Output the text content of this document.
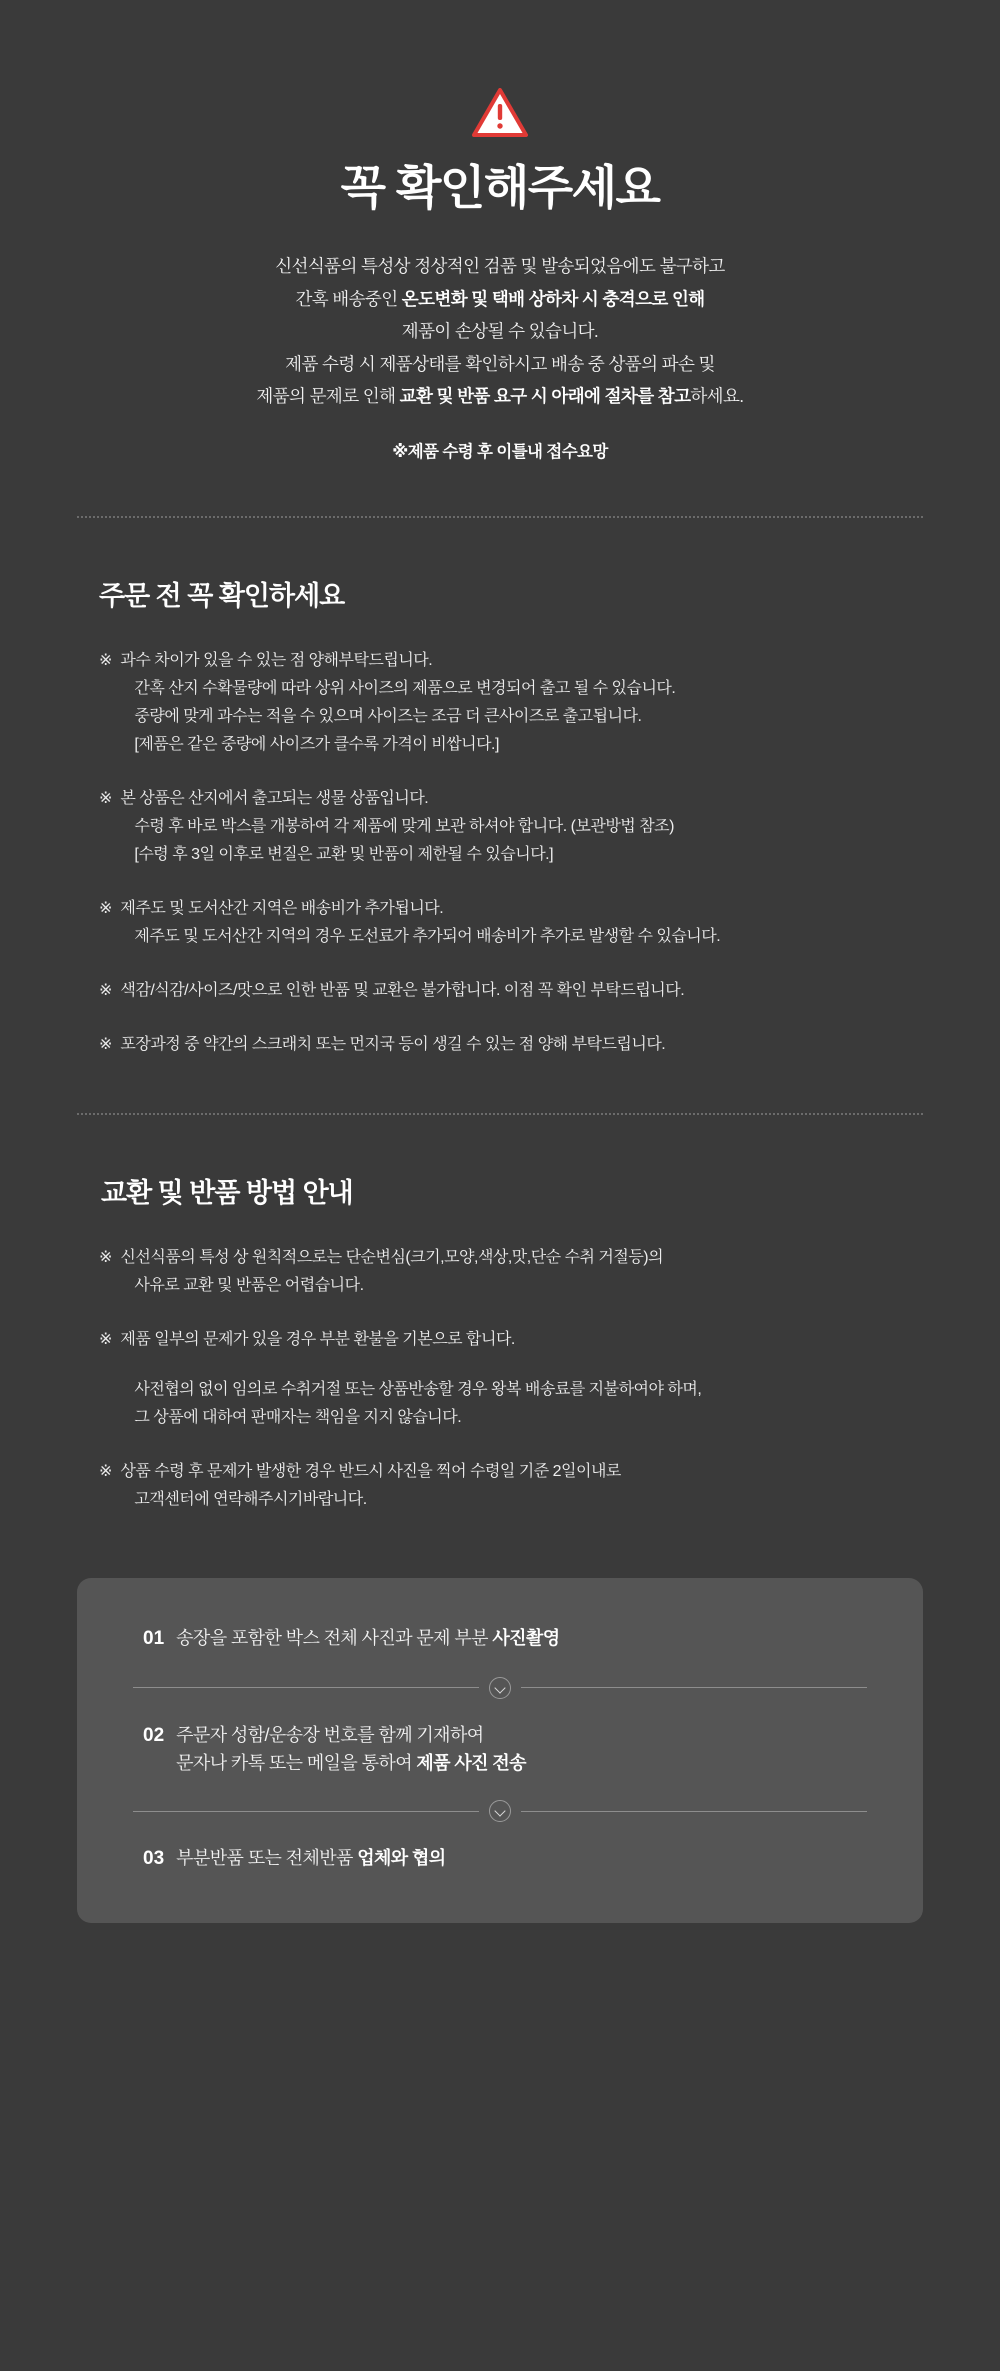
꼭 확인해주세요
신선식품의 특성상 정상적인 검품 및 발송되었음에도 불구하고
간혹 배송중인 온도변화 및 택배 상하차 시 충격으로 인해
제품이 손상될 수 있습니다.
제품 수령 시 제품상태를 확인하시고 배송 중 상품의 파손 및
제품의 문제로 인해 교환 및 반품 요구 시 아래에 절차를 참고하세요.
※제품 수령 후 이틀내 접수요망
주문 전 꼭 확인하세요
※ 과수 차이가 있을 수 있는 점 양해부탁드립니다.
간혹 산지 수확물량에 따라 상위 사이즈의 제품으로 변경되어 출고 될 수 있습니다.
중량에 맞게 과수는 적을 수 있으며 사이즈는 조금 더 큰사이즈로 출고됩니다.
[제품은 같은 중량에 사이즈가 클수록 가격이 비쌉니다.]
※ 본 상품은 산지에서 출고되는 생물 상품입니다.
수령 후 바로 박스를 개봉하여 각 제품에 맞게 보관 하셔야 합니다. (보관방법 참조)
[수령 후 3일 이후로 변질은 교환 및 반품이 제한될 수 있습니다.]
※ 제주도 및 도서산간 지역은 배송비가 추가됩니다.
제주도 및 도서산간 지역의 경우 도선료가 추가되어 배송비가 추가로 발생할 수 있습니다.
※ 색감/식감/사이즈/맛으로 인한 반품 및 교환은 불가합니다. 이점 꼭 확인 부탁드립니다.
※ 포장과정 중 약간의 스크래치 또는 먼지국 등이 생길 수 있는 점 양해 부탁드립니다.
교환 및 반품 방법 안내
※ 신선식품의 특성 상 원칙적으로는 단순변심(크기,모양,색상,맛,단순 수취 거절등)의
사유로 교환 및 반품은 어렵습니다.
※ 제품 일부의 문제가 있을 경우 부분 환불을 기본으로 합니다.
사전협의 없이 임의로 수취거절 또는 상품반송할 경우 왕복 배송료를 지불하여야 하며,
그 상품에 대하여 판매자는 책임을 지지 않습니다.
※ 상품 수령 후 문제가 발생한 경우 반드시 사진을 찍어 수령일 기준 2일이내로
고객센터에 연락해주시기바랍니다.
01 송장을 포함한 박스 전체 사진과 문제 부분 사진촬영
02 주문자 성함/운송장 번호를 함께 기재하여
문자나 카톡 또는 메일을 통하여 제품 사진 전송
03 부분반품 또는 전체반품 업체와 협의
